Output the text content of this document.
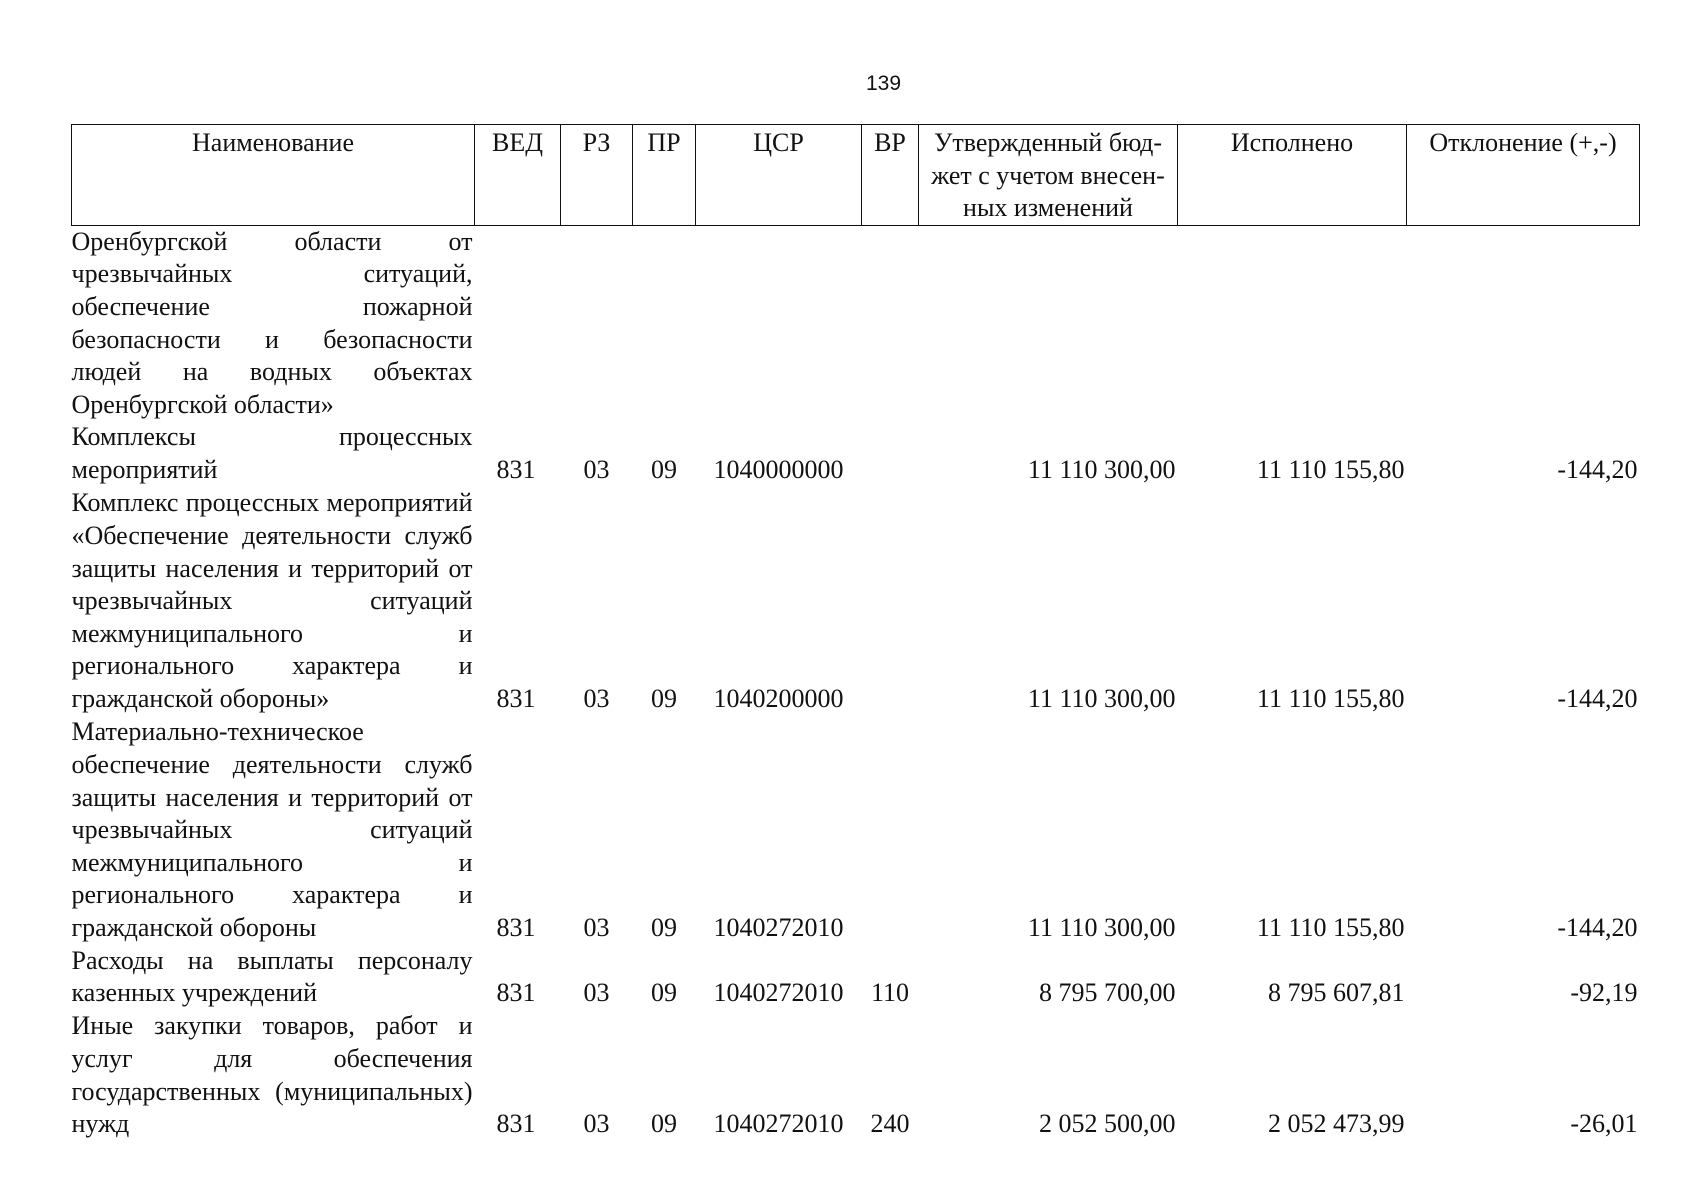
139
Наименование	ВЕД	РЗ	ПР	ЦСР	ВР	Утвержденный бюд-жет с учетом внесен-ных изменений	Исполнено	Отклонение (+,-)
Оренбургской области от чрезвычайных ситуаций, обеспечение пожарной безопасности и безопасности людей на водных объектах Оренбургской области»								
Комплексы процессных мероприятий	831	03	09	1040000000		11 110 300,00	11 110 155,80	-144,20
Комплекс процессных мероприятий «Обеспечение деятельности служб защиты населения и территорий от чрезвычайных ситуаций межмуниципального и регионального характера и гражданской обороны»	831	03	09	1040200000		11 110 300,00	11 110 155,80	-144,20
Материально-техническое обеспечение деятельности служб защиты населения и территорий от чрезвычайных ситуаций межмуниципального и регионального характера и гражданской обороны	831	03	09	1040272010		11 110 300,00	11 110 155,80	-144,20
Расходы на выплаты персоналу казенных учреждений	831	03	09	1040272010	110	8 795 700,00	8 795 607,81	-92,19
Иные закупки товаров, работ и услуг для обеспечения государственных (муниципальных) нужд	831	03	09	1040272010	240	2 052 500,00	2 052 473,99	-26,01
